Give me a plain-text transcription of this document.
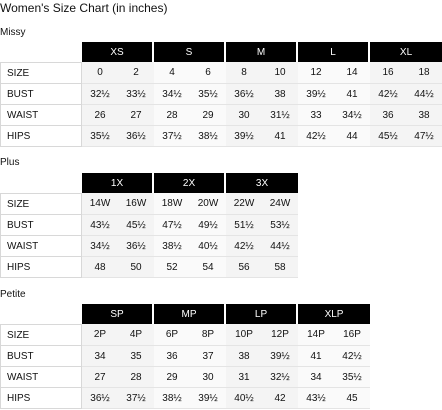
Women's Size Chart (in inches)
Missy
	XS		S		M		L		XL	
SIZE	0	2	4	6	8	10	12	14	16	18
BUST	32½	33½	34½	35½	36½	38	39½	41	42½	44½
WAIST	26	27	28	29	30	31½	33	34½	36	38
HIPS	35½	36½	37½	38½	39½	41	42½	44	45½	47½
Plus
	1X		2X		3X	
SIZE	14W	16W	18W	20W	22W	24W
BUST	43½	45½	47½	49½	51½	53½
WAIST	34½	36½	38½	40½	42½	44½
HIPS	48	50	52	54	56	58
Petite
	SP		MP		LP		XLP	
SIZE	2P	4P	6P	8P	10P	12P	14P	16P
BUST	34	35	36	37	38	39½	41	42½
WAIST	27	28	29	30	31	32½	34	35½
HIPS	36½	37½	38½	39½	40½	42	43½	45
